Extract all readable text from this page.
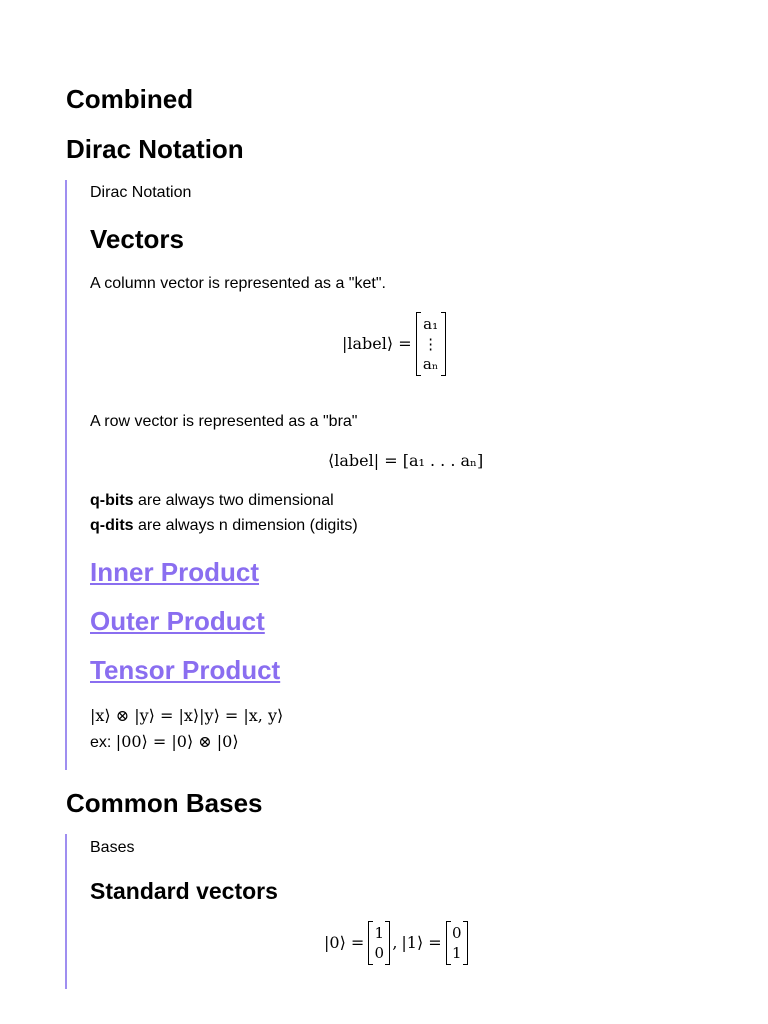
Combined
Dirac Notation
Dirac Notation
Vectors
A column vector is represented as a "ket".
|label⟩ =
a₁
⋮
aₙ
A row vector is represented as a "bra"
⟨label| = [a₁ . . . aₙ]
q-bits are always two dimensional
q-dits are always n dimension (digits)
Inner Product
Outer Product
Tensor Product
|x⟩ ⊗ |y⟩ = |x⟩|y⟩ = |x, y⟩
ex: |00⟩ = |0⟩ ⊗ |0⟩
Common Bases
Bases
Standard vectors
|0⟩ = 1
0
, |1⟩ = 0
1
